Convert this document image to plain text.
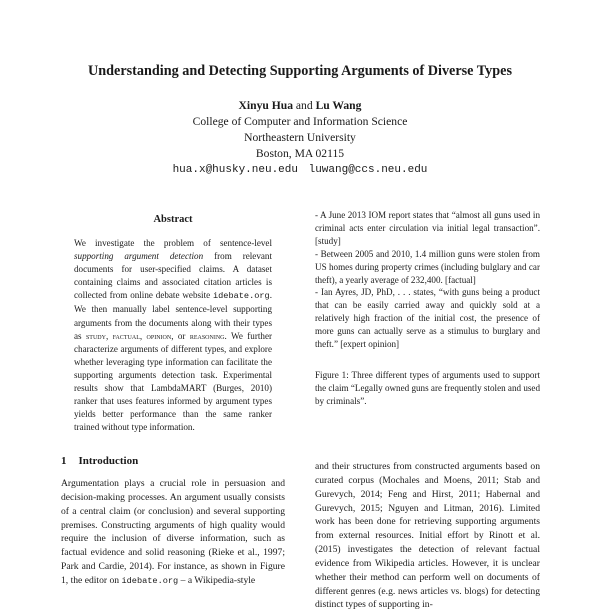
Understanding and Detecting Supporting Arguments of Diverse Types
Xinyu Hua and Lu Wang
College of Computer and Information Science
Northeastern University
Boston, MA 02115
hua.x@husky.neu.edu luwang@ccs.neu.edu
Abstract
We investigate the problem of sentence-level supporting argument detection from relevant documents for user-specified claims. A dataset containing claims and associated citation articles is collected from online debate website idebate.org. We then manually label sentence-level supporting arguments from the documents along with their types as study, factual, opinion, or reasoning. We further characterize arguments of different types, and explore whether leveraging type information can facilitate the supporting arguments detection task. Experimental results show that LambdaMART (Burges, 2010) ranker that uses features informed by argument types yields better performance than the same ranker trained without type information.
1 Introduction
Argumentation plays a crucial role in persuasion and decision-making processes. An argument usually consists of a central claim (or conclusion) and several supporting premises. Constructing arguments of high quality would require the inclusion of diverse information, such as factual evidence and solid reasoning (Rieke et al., 1997; Park and Cardie, 2014). For instance, as shown in Figure 1, the editor on idebate.org – a Wikipedia-style
- A June 2013 IOM report states that “almost all guns used in criminal acts enter circulation via initial legal transaction”. [study]
- Between 2005 and 2010, 1.4 million guns were stolen from US homes during property crimes (including bulglary and car theft), a yearly average of 232,400. [factual]
- Ian Ayres, JD, PhD, . . . states, “with guns being a product that can be easily carried away and quickly sold at a relatively high fraction of the initial cost, the presence of more guns can actually serve as a stimulus to burglary and theft.” [expert opinion]
Figure 1: Three different types of arguments used to support the claim “Legally owned guns are frequently stolen and used by criminals”.
and their structures from constructed arguments based on curated corpus (Mochales and Moens, 2011; Stab and Gurevych, 2014; Feng and Hirst, 2011; Habernal and Gurevych, 2015; Nguyen and Litman, 2016). Limited work has been done for retrieving supporting arguments from external resources. Initial effort by Rinott et al. (2015) investigates the detection of relevant factual evidence from Wikipedia articles. However, it is unclear whether their method can perform well on documents of different genres (e.g. news articles vs. blogs) for detecting distinct types of supporting in-
